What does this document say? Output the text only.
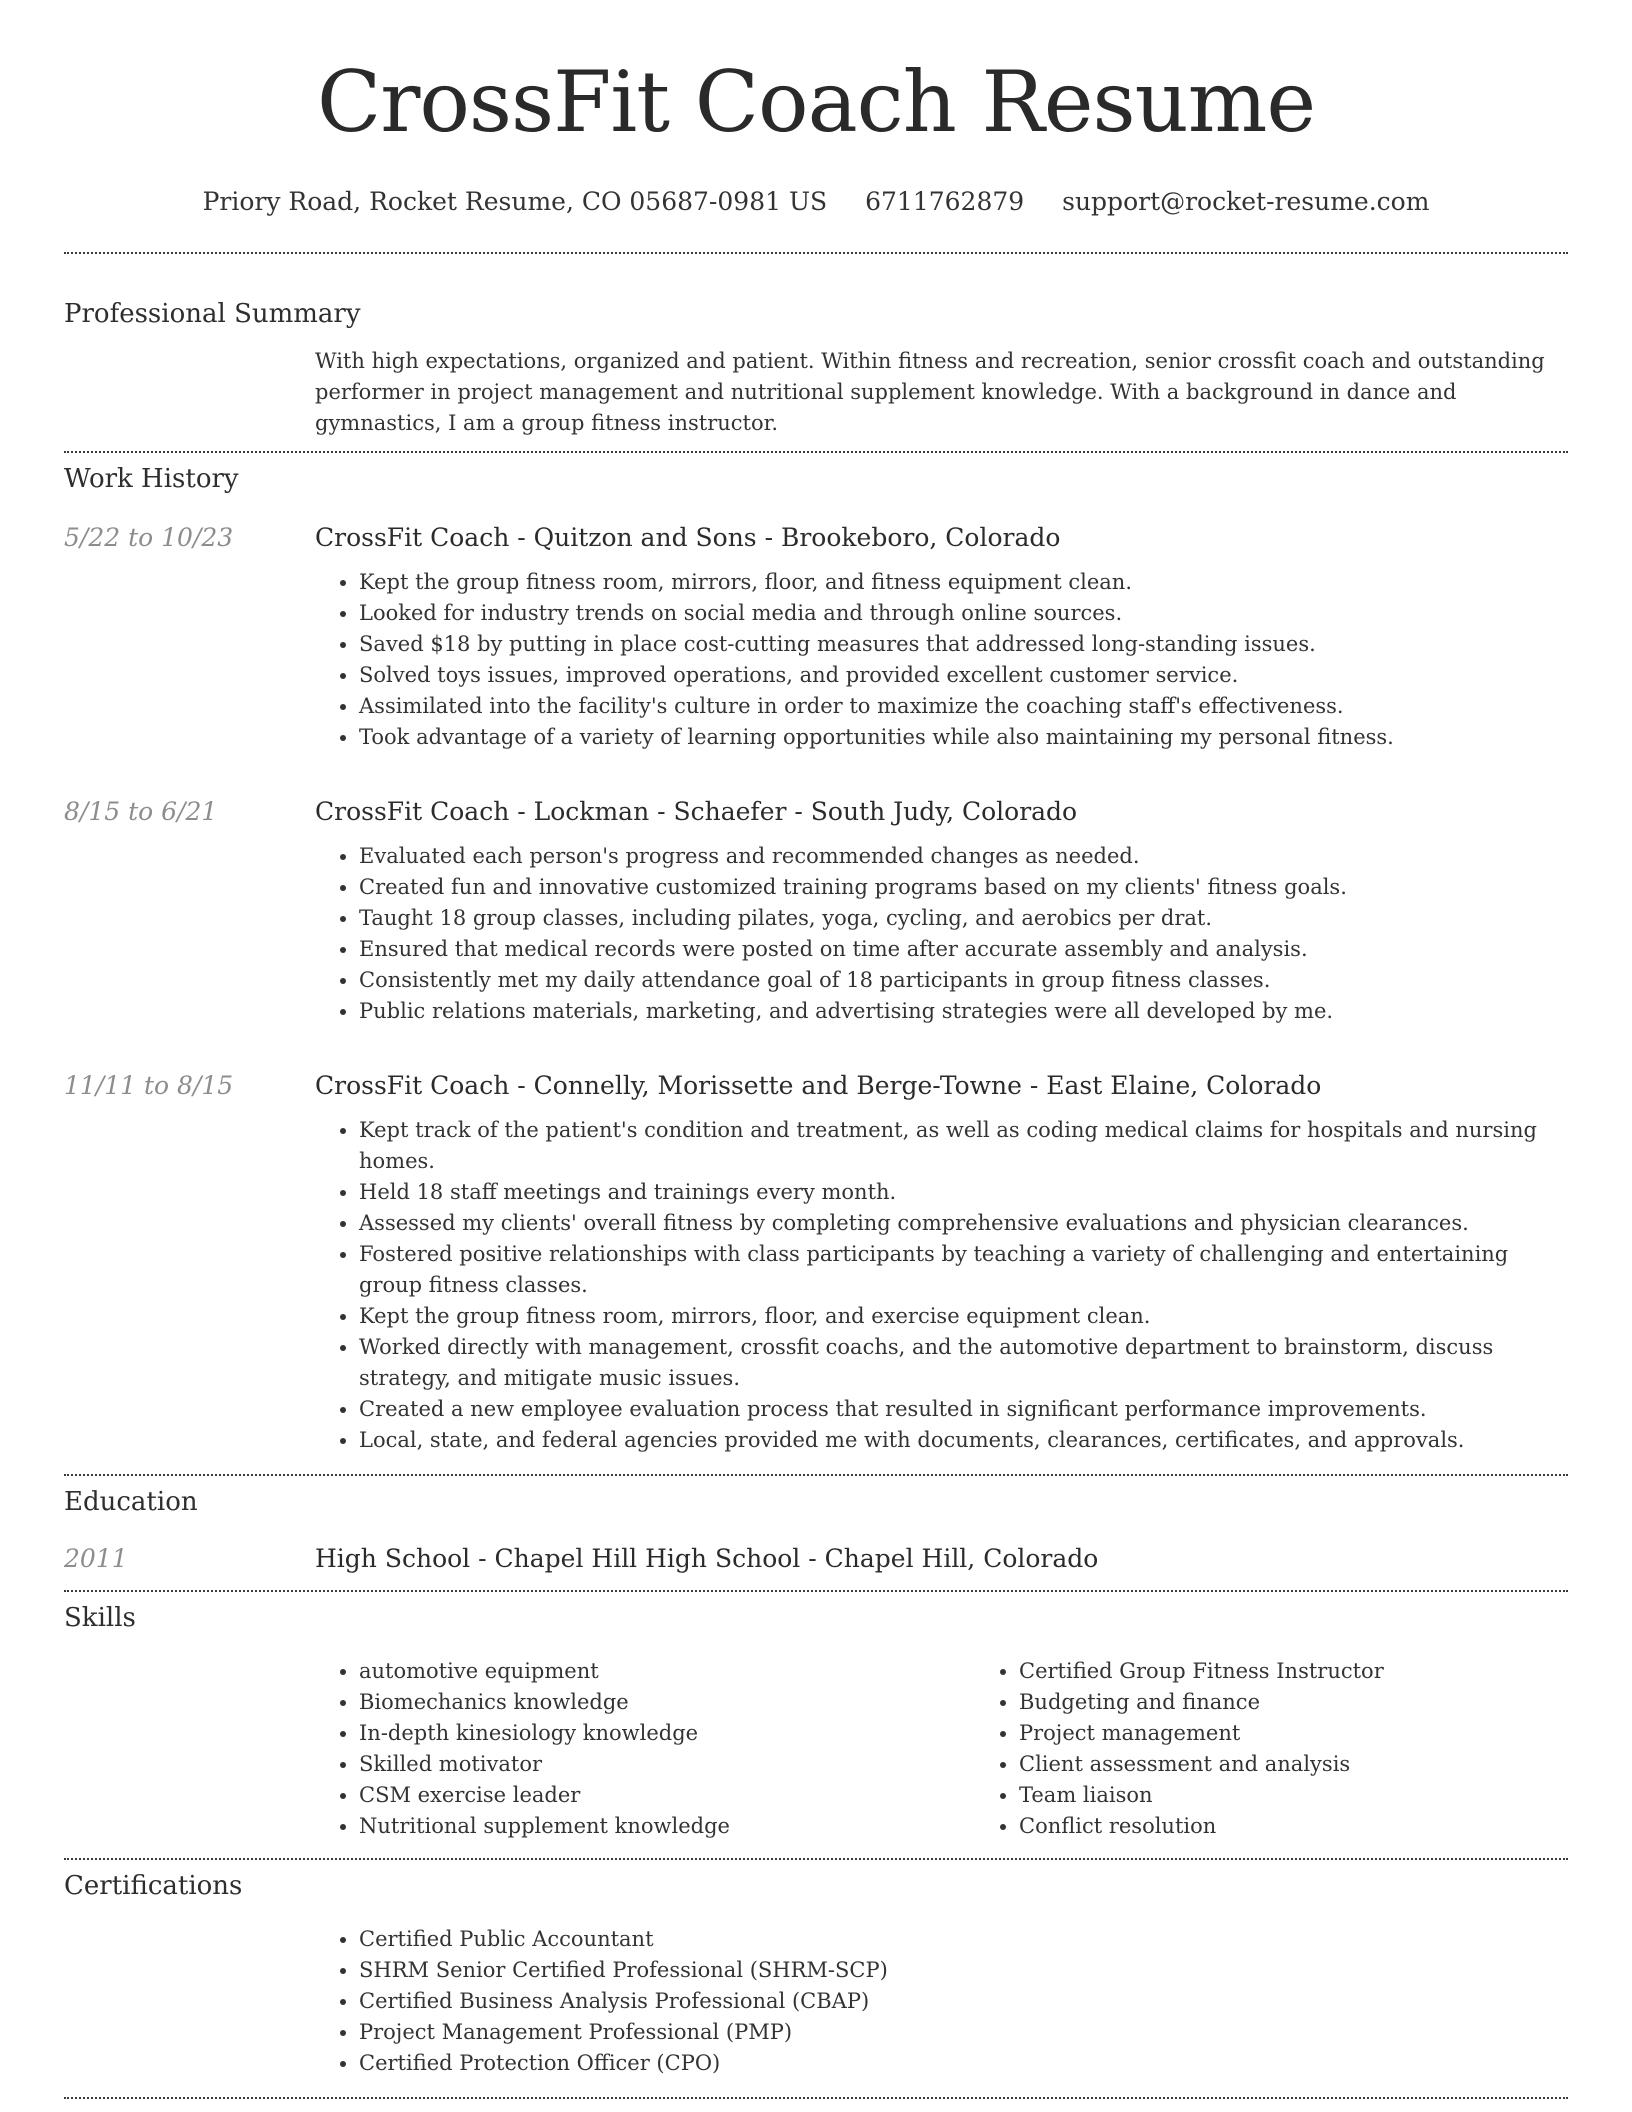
CrossFit Coach Resume
Priory Road, Rocket Resume, CO 05687-0981 US 6711762879 support@rocket-resume.com
Professional Summary
With high expectations, organized and patient. Within fitness and recreation, senior crossfit coach and outstanding performer in project management and nutritional supplement knowledge. With a background in dance and gymnastics, I am a group fitness instructor.
Work History
5/22 to 10/23	CrossFit Coach - Quitzon and Sons - Brookeboro, Colorado
• Kept the group fitness room, mirrors, floor, and fitness equipment clean.
• Looked for industry trends on social media and through online sources.
• Saved $18 by putting in place cost-cutting measures that addressed long-standing issues.
• Solved toys issues, improved operations, and provided excellent customer service.
• Assimilated into the facility's culture in order to maximize the coaching staff's effectiveness.
• Took advantage of a variety of learning opportunities while also maintaining my personal fitness.
8/15 to 6/21	CrossFit Coach - Lockman - Schaefer - South Judy, Colorado
• Evaluated each person's progress and recommended changes as needed.
• Created fun and innovative customized training programs based on my clients' fitness goals.
• Taught 18 group classes, including pilates, yoga, cycling, and aerobics per drat.
• Ensured that medical records were posted on time after accurate assembly and analysis.
• Consistently met my daily attendance goal of 18 participants in group fitness classes.
• Public relations materials, marketing, and advertising strategies were all developed by me.
11/11 to 8/15	CrossFit Coach - Connelly, Morissette and Berge-Towne - East Elaine, Colorado
• Kept track of the patient's condition and treatment, as well as coding medical claims for hospitals and nursing homes.
• Held 18 staff meetings and trainings every month.
• Assessed my clients' overall fitness by completing comprehensive evaluations and physician clearances.
• Fostered positive relationships with class participants by teaching a variety of challenging and entertaining group fitness classes.
• Kept the group fitness room, mirrors, floor, and exercise equipment clean.
• Worked directly with management, crossfit coachs, and the automotive department to brainstorm, discuss strategy, and mitigate music issues.
• Created a new employee evaluation process that resulted in significant performance improvements.
• Local, state, and federal agencies provided me with documents, clearances, certificates, and approvals.
Education
2011	High School - Chapel Hill High School - Chapel Hill, Colorado
Skills
• automotive equipment
• Biomechanics knowledge
• In-depth kinesiology knowledge
• Skilled motivator
• CSM exercise leader
• Nutritional supplement knowledge
• Certified Group Fitness Instructor
• Budgeting and finance
• Project management
• Client assessment and analysis
• Team liaison
• Conflict resolution
Certifications
• Certified Public Accountant
• SHRM Senior Certified Professional (SHRM-SCP)
• Certified Business Analysis Professional (CBAP)
• Project Management Professional (PMP)
• Certified Protection Officer (CPO)
